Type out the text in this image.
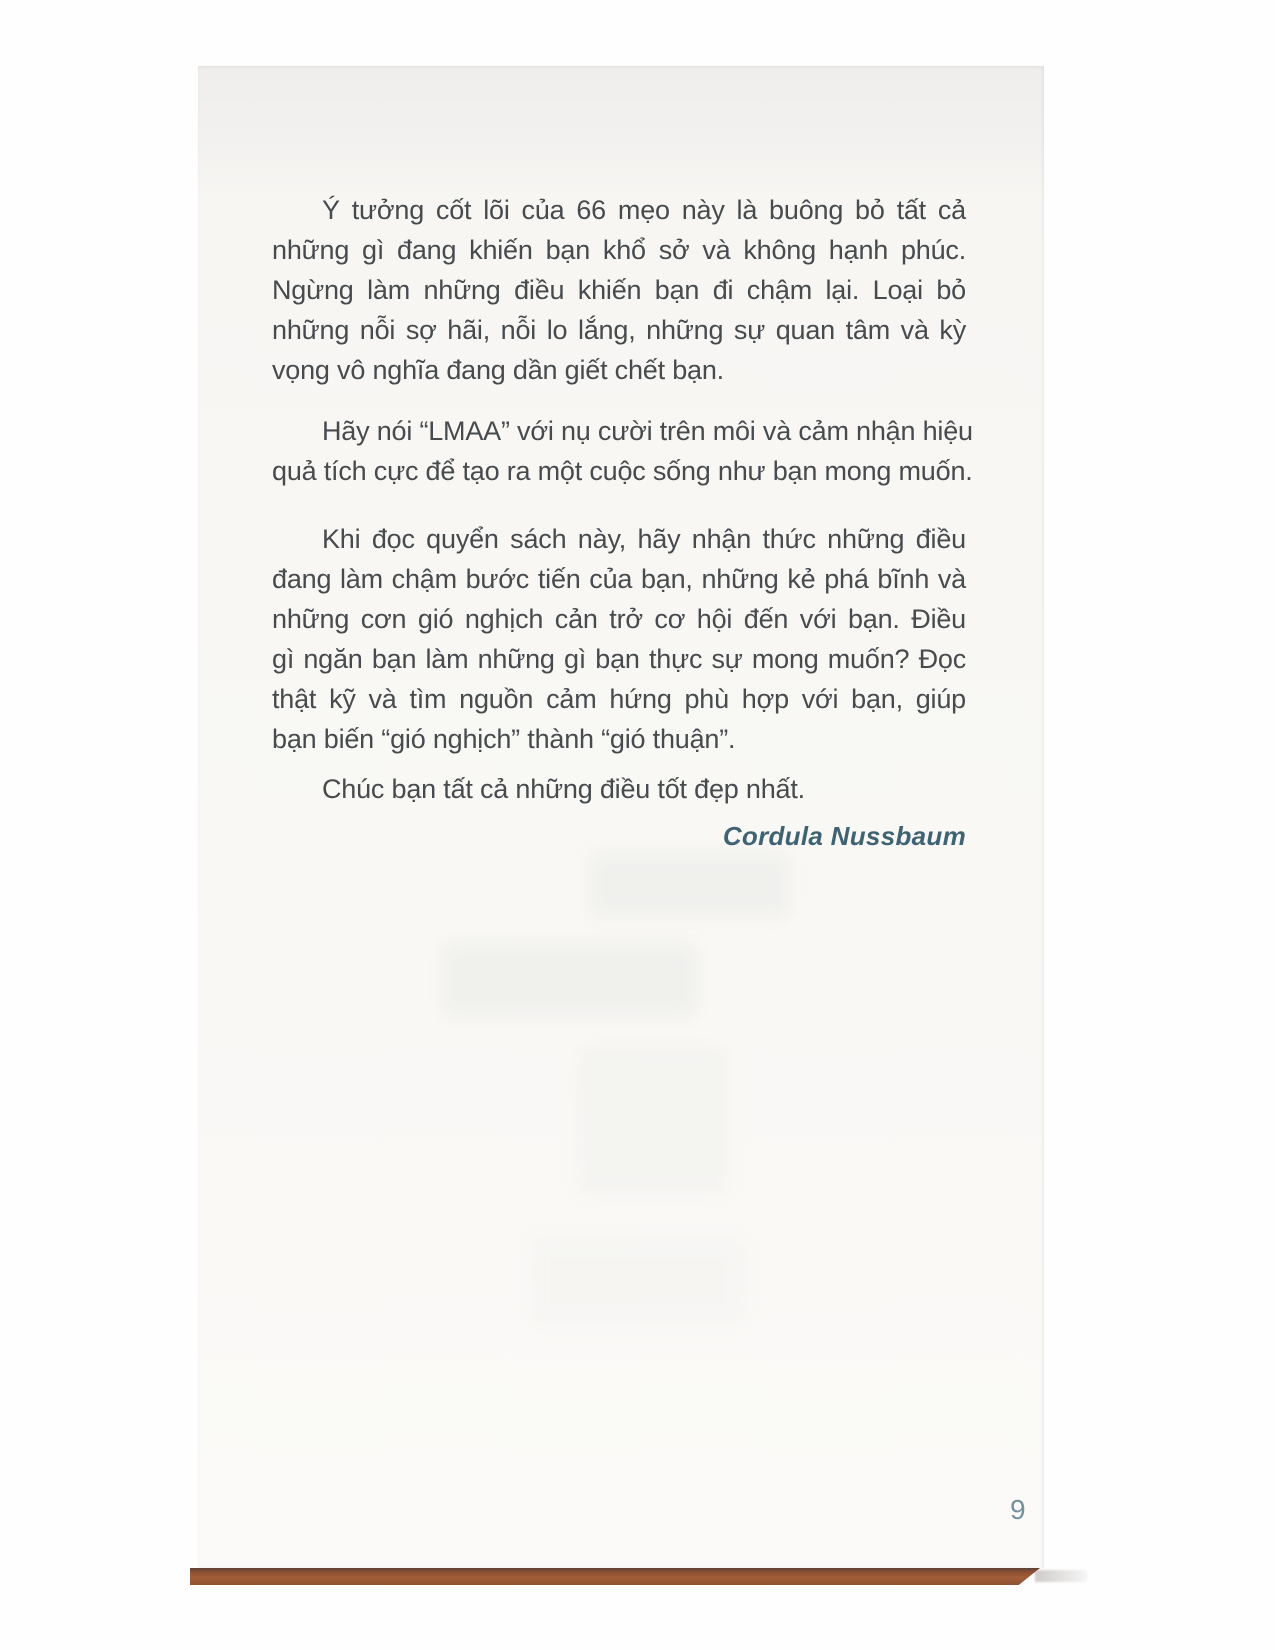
Ý tưởng cốt lõi của 66 mẹo này là buông bỏ tất cả
những gì đang khiến bạn khổ sở và không hạnh phúc.
Ngừng làm những điều khiến bạn đi chậm lại. Loại bỏ
những nỗi sợ hãi, nỗi lo lắng, những sự quan tâm và kỳ
vọng vô nghĩa đang dần giết chết bạn.
Hãy nói “LMAA” với nụ cười trên môi và cảm nhận hiệu
quả tích cực để tạo ra một cuộc sống như bạn mong muốn.
Khi đọc quyển sách này, hãy nhận thức những điều
đang làm chậm bước tiến của bạn, những kẻ phá bĩnh và
những cơn gió nghịch cản trở cơ hội đến với bạn. Điều
gì ngăn bạn làm những gì bạn thực sự mong muốn? Đọc
thật kỹ và tìm nguồn cảm hứng phù hợp với bạn, giúp
bạn biến “gió nghịch” thành “gió thuận”.
Chúc bạn tất cả những điều tốt đẹp nhất.
Cordula Nussbaum
9
